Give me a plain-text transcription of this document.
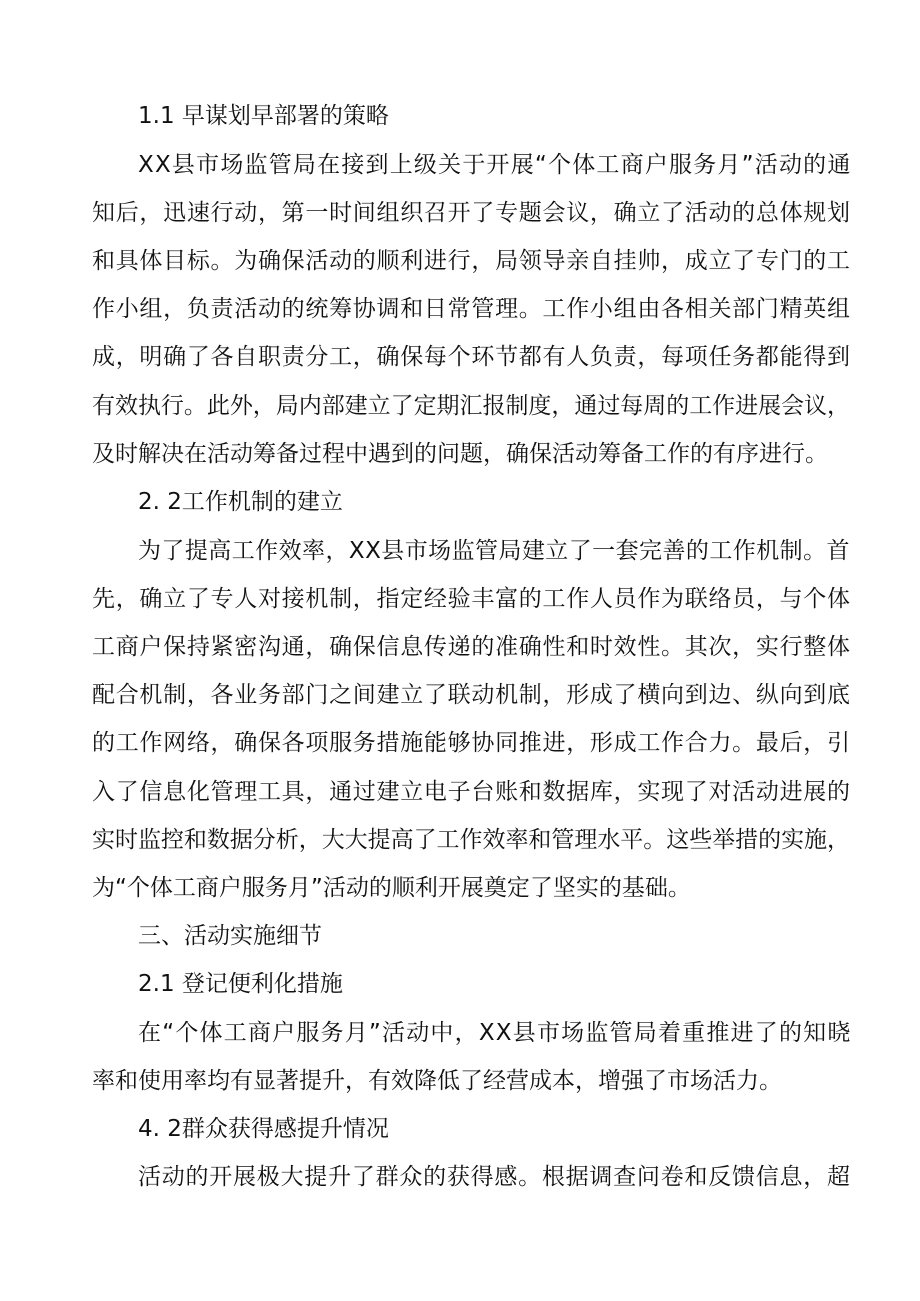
1.1 早谋划早部署的策略
XX县市场监管局在接到上级关于开展“个体工商户服务月”活动的通
知后，迅速行动，第一时间组织召开了专题会议，确立了活动的总体规划
和具体目标。为确保活动的顺利进行，局领导亲自挂帅，成立了专门的工
作小组，负责活动的统筹协调和日常管理。工作小组由各相关部门精英组
成，明确了各自职责分工，确保每个环节都有人负责，每项任务都能得到
有效执行。此外，局内部建立了定期汇报制度，通过每周的工作进展会议，
及时解决在活动筹备过程中遇到的问题，确保活动筹备工作的有序进行。
2. 2工作机制的建立
为了提高工作效率，XX县市场监管局建立了一套完善的工作机制。首
先，确立了专人对接机制，指定经验丰富的工作人员作为联络员，与个体
工商户保持紧密沟通，确保信息传递的准确性和时效性。其次，实行整体
配合机制，各业务部门之间建立了联动机制，形成了横向到边、纵向到底
的工作网络，确保各项服务措施能够协同推进，形成工作合力。最后，引
入了信息化管理工具，通过建立电子台账和数据库，实现了对活动进展的
实时监控和数据分析，大大提高了工作效率和管理水平。这些举措的实施，
为“个体工商户服务月”活动的顺利开展奠定了坚实的基础。
三、活动实施细节
2.1 登记便利化措施
在“个体工商户服务月”活动中，XX县市场监管局着重推进了的知晓
率和使用率均有显著提升，有效降低了经营成本，增强了市场活力。
4. 2群众获得感提升情况
活动的开展极大提升了群众的获得感。根据调查问卷和反馈信息，超
